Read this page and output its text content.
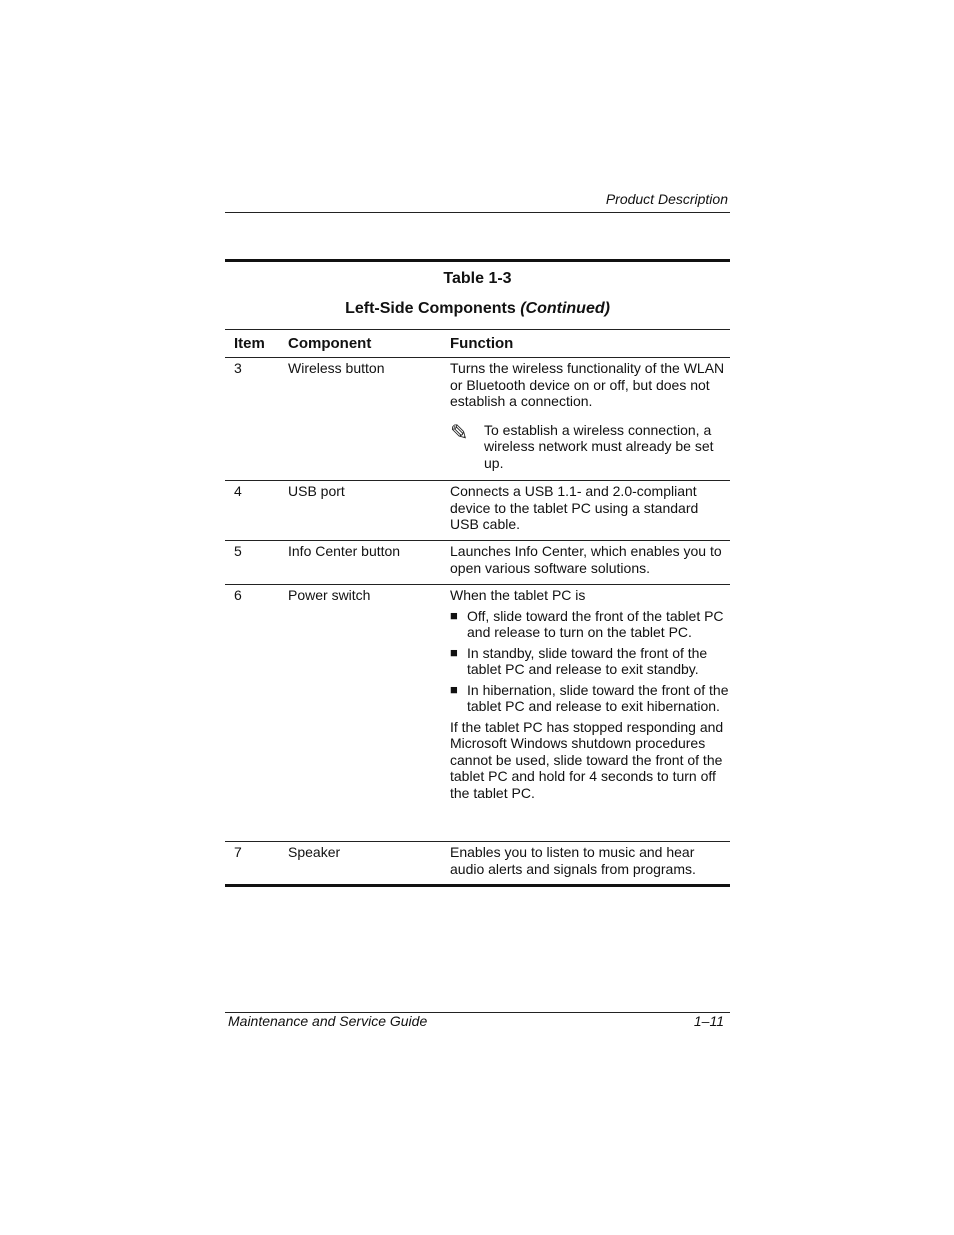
Product Description
Table 1-3
Left-Side Components (Continued)
Item	Component	Function
3	Wireless button	Turns the wireless functionality of the WLAN or Bluetooth device on or off, but does not establish a connection.
✎	To establish a wireless connection, a wireless network must already be set up.
4	USB port	Connects a USB 1.1- and 2.0-compliant device to the tablet PC using a standard USB cable.
5	Info Center button	Launches Info Center, which enables you to open various software solutions.
6	Power switch	When the tablet PC is
■ Off, slide toward the front of the tablet PC and release to turn on the tablet PC.
■ In standby, slide toward the front of the tablet PC and release to exit standby.
■ In hibernation, slide toward the front of the tablet PC and release to exit hibernation.
If the tablet PC has stopped responding and Microsoft Windows shutdown procedures cannot be used, slide toward the front of the tablet PC and hold for 4 seconds to turn off the tablet PC.
7	Speaker	Enables you to listen to music and hear audio alerts and signals from programs.
Maintenance and Service Guide	1–11
